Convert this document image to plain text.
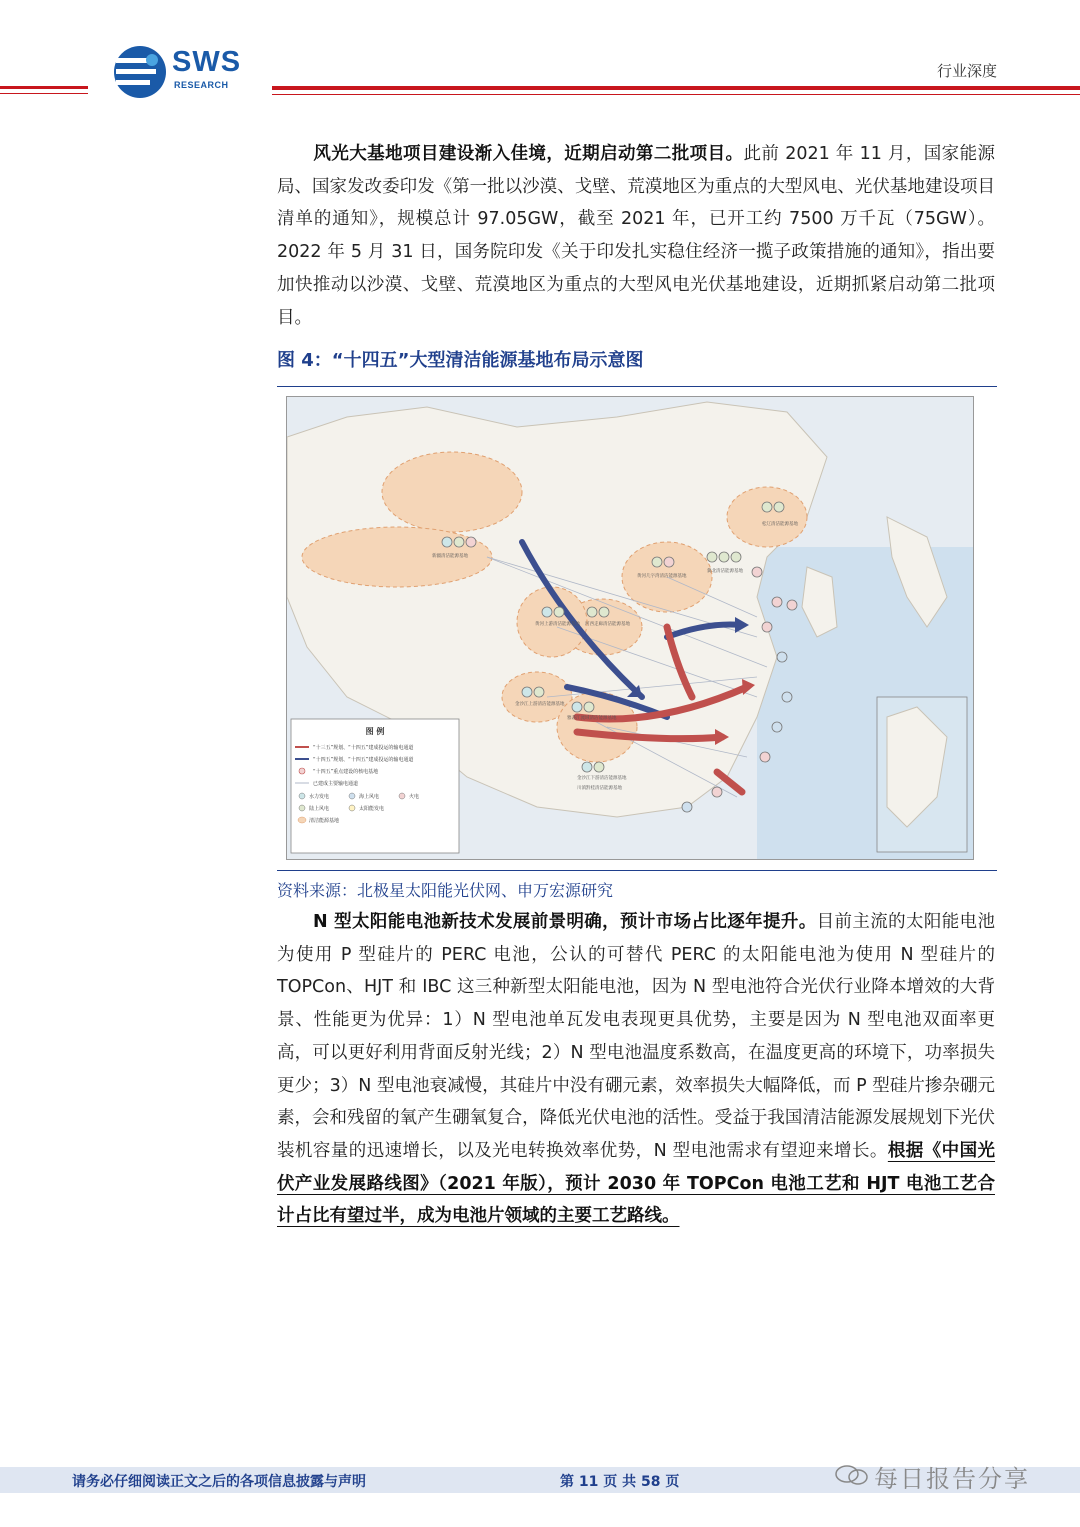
SWS
RESEARCH
行业深度
风光大基地项目建设渐入佳境，近期启动第二批项目。此前 2021 年 11 月，国家能源局、国家发改委印发《第一批以沙漠、戈壁、荒漠地区为重点的大型风电、光伏基地建设项目清单的通知》，规模总计 97.05GW，截至 2021 年，已开工约 7500 万千瓦（75GW）。2022 年 5 月 31 日，国务院印发《关于印发扎实稳住经济一揽子政策措施的通知》，指出要加快推动以沙漠、戈壁、荒漠地区为重点的大型风电光伏基地建设，近期抓紧启动第二批项目。
图 4：“十四五”大型清洁能源基地布局示意图
图 例
“十三五”规划、“十四五”建成投运的输电通道
“十四五”规划、“十四五”建成投运的输电通道
“十四五”重点建设的核电基地
已建成主要输电通道
水力发电	海上风电	火电
陆上风电	太阳能发电
清洁能源基地
松辽清洁能源基地
冀北清洁能源基地
黄河几字湾清洁能源基地
河西走廊清洁能源基地
黄河上游清洁能源基地
新疆清洁能源基地
金沙江上游清洁能源基地
雅砻江流域清洁能源基地
金沙江下游清洁能源基地
川滇黔桂清洁能源基地
资料来源：北极星太阳能光伏网、申万宏源研究
N 型太阳能电池新技术发展前景明确，预计市场占比逐年提升。目前主流的太阳能电池为使用 P 型硅片的 PERC 电池，公认的可替代 PERC 的太阳能电池为使用 N 型硅片的 TOPCon、HJT 和 IBC 这三种新型太阳能电池，因为 N 型电池符合光伏行业降本增效的大背景、性能更为优异：1）N 型电池单瓦发电表现更具优势，主要是因为 N 型电池双面率更高，可以更好利用背面反射光线；2）N 型电池温度系数高，在温度更高的环境下，功率损失更少；3）N 型电池衰减慢，其硅片中没有硼元素，效率损失大幅降低，而 P 型硅片掺杂硼元素，会和残留的氧产生硼氧复合，降低光伏电池的活性。受益于我国清洁能源发展规划下光伏装机容量的迅速增长，以及光电转换效率优势，N 型电池需求有望迎来增长。根据《中国光伏产业发展路线图》（2021 年版），预计 2030 年 TOPCon 电池工艺和 HJT 电池工艺合计占比有望过半，成为电池片领域的主要工艺路线。
请务必仔细阅读正文之后的各项信息披露与声明	第 11 页 共 58 页	每日报告分享
